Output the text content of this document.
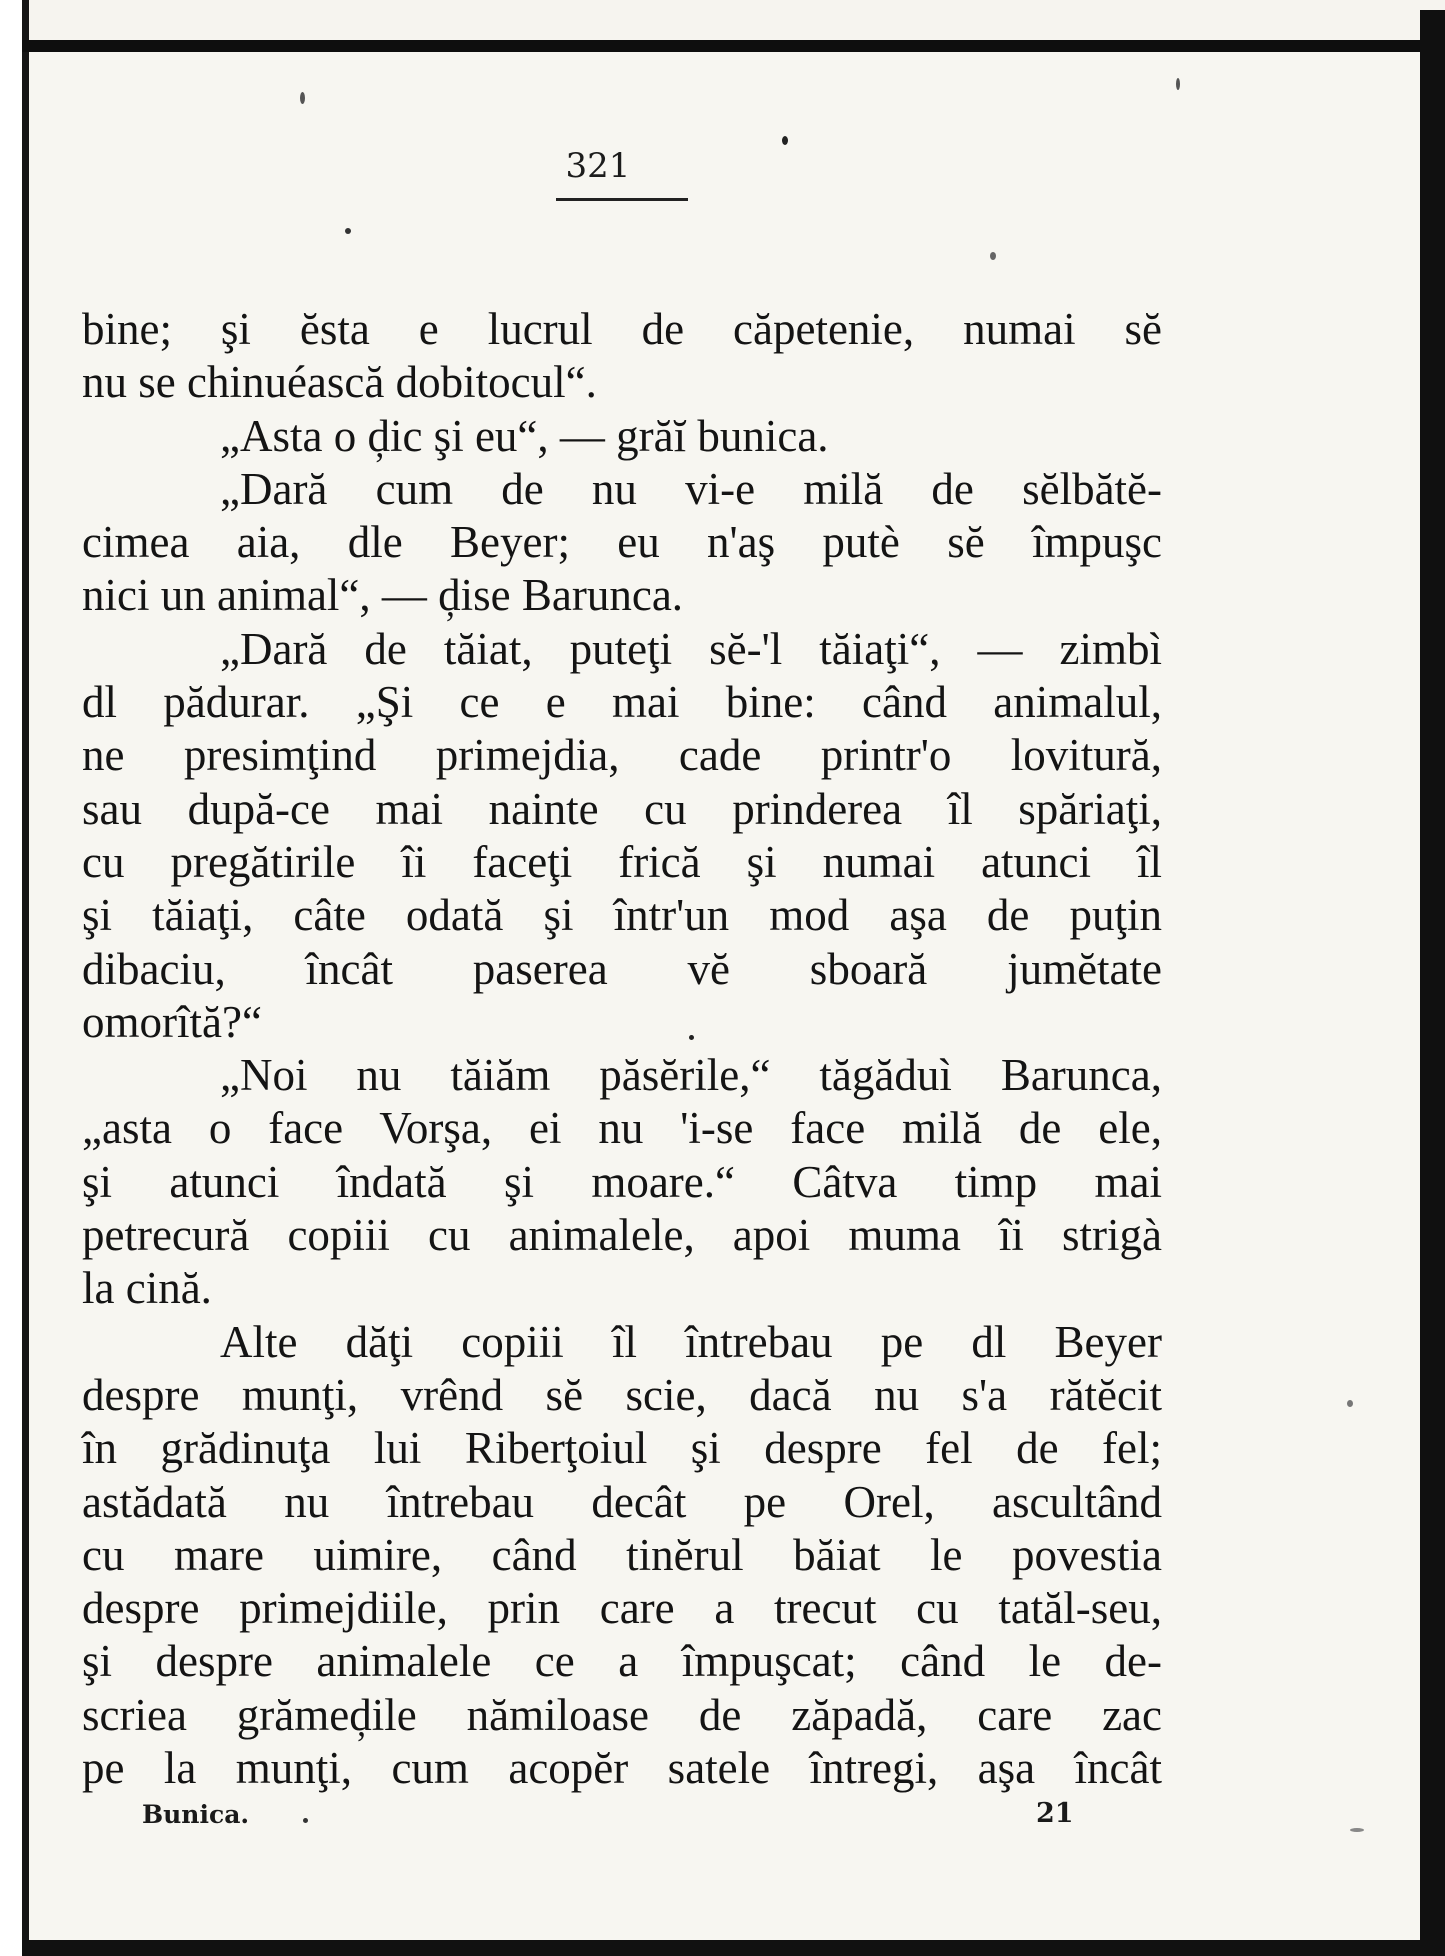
321
bine; şi ĕsta e lucrul de căpetenie, numai sĕ
nu se chinuéască dobitocul“.
„Asta o ḑic şi eu“, — grăĭ bunica.
„Dară cum de nu vi-e milă de sĕlbătĕ-
cimea aia, dle Beyer; eu n'aş putè sĕ împuşc
nici un animal“, — ḑise Barunca.
„Dară de tăiat, puteţi sĕ-'l tăiaţi“, — zimbì
dl pădurar. „Şi ce e mai bine: când animalul,
ne presimţind primejdia, cade printr'o lovitură,
sau după-ce mai nainte cu prinderea îl spăriaţi,
cu pregătirile îi faceţi frică şi numai atunci îl
şi tăiaţi, câte odată şi într'un mod aşa de puţin
dibaciu, încât paserea vĕ sboară jumĕtate
omorîtă?“
„Noi nu tăiăm păsĕrile,“ tăgăduì Barunca,
„asta o face Vorşa, ei nu 'i-se face milă de ele,
şi atunci îndată şi moare.“ Câtva timp mai
petrecură copiii cu animalele, apoi muma îi strigà
la cină.
Alte dăţi copiii îl întrebau pe dl Beyer
despre munţi, vrênd sĕ scie, dacă nu s'a rătĕcit
în grădinuţa lui Riberţoiul şi despre fel de fel;
astădată nu întrebau decât pe Orel, ascultând
cu mare uimire, când tinĕrul băiat le povestia
despre primejdiile, prin care a trecut cu tatăl-seu,
şi despre animalele ce a împuşcat; când le de-
scriea grămeḑile nămiloase de zăpadă, care zac
pe la munţi, cum acopĕr satele întregi, aşa încât
Bunica.	21
